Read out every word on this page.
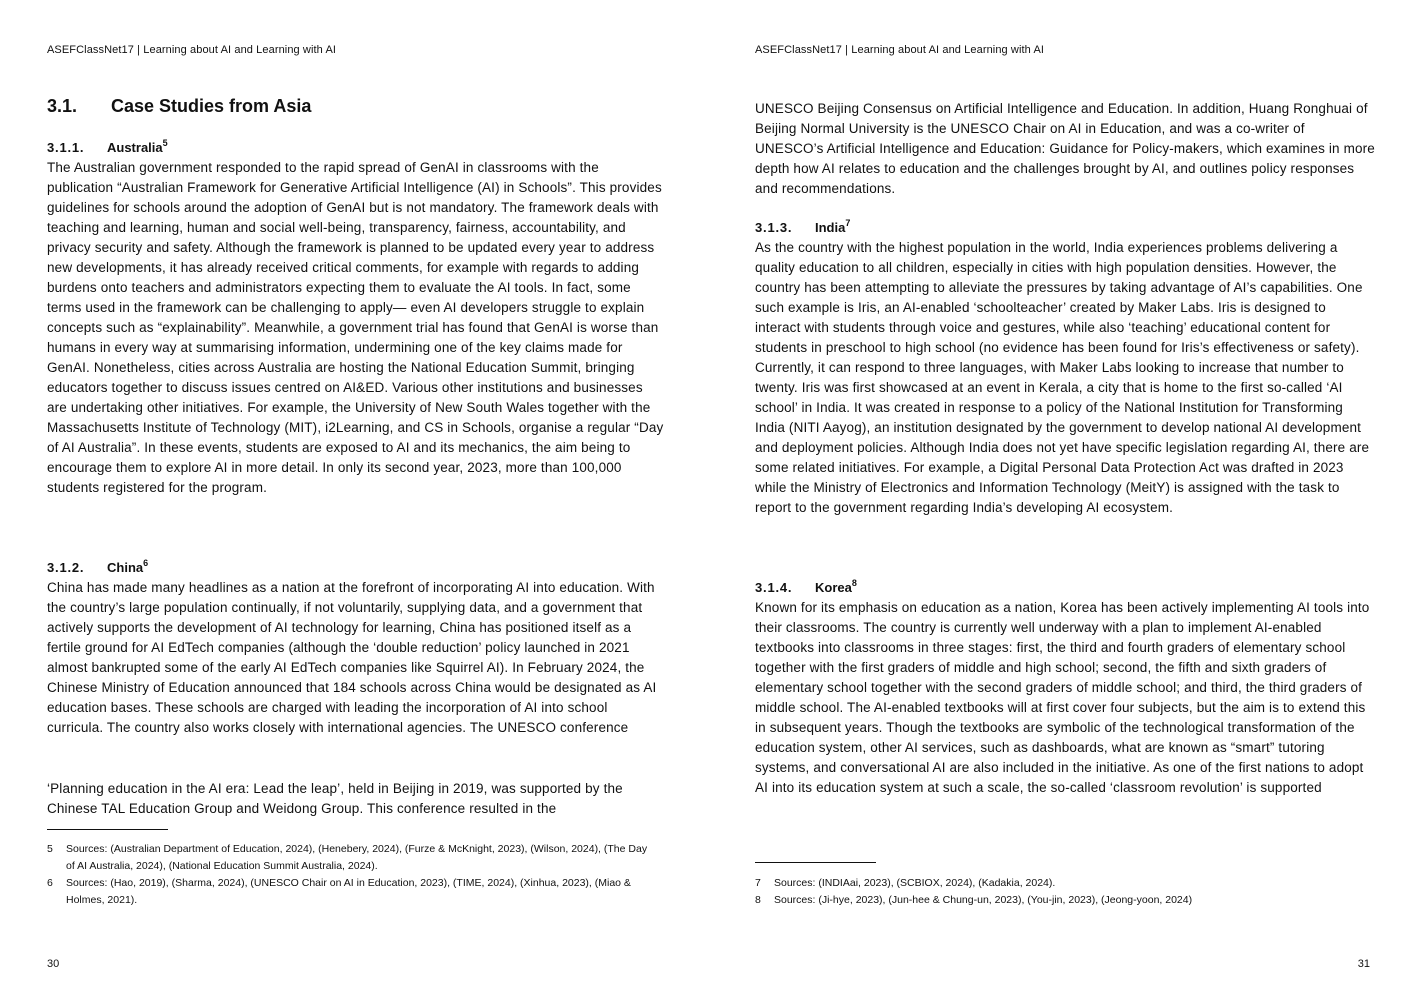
ASEFClassNet17 | Learning about AI and Learning with AI
3.1. Case Studies from Asia
3.1.1. Australia$^5$

The Australian government responded to the rapid spread of GenAI in classrooms with the publication “Australian Framework for Generative Artificial Intelligence (AI) in Schools”. This provides guidelines for schools around the adoption of GenAI but is not mandatory. The framework deals with teaching and learning, human and social well-being, transparency, fairness, accountability, and privacy security and safety. Although the framework is planned to be updated every year to address new developments, it has already received critical comments, for example with regards to adding burdens onto teachers and administrators expecting them to evaluate the AI tools. In fact, some terms used in the framework can be challenging to apply— even AI developers struggle to explain concepts such as “explainability”. Meanwhile, a government trial has found that GenAI is worse than humans in every way at summarising information, undermining one of the key claims made for GenAI. Nonetheless, cities across Australia are hosting the National Education Summit, bringing educators together to discuss issues centred on AI&ED. Various other institutions and businesses are undertaking other initiatives. For example, the University of New South Wales together with the Massachusetts Institute of Technology (MIT), i2Learning, and CS in Schools, organise a regular “Day of AI Australia”. In these events, students are exposed to AI and its mechanics, the aim being to encourage them to explore AI in more detail. In only its second year, 2023, more than 100,000 students registered for the program.

3.1.2. China$^6$

China has made many headlines as a nation at the forefront of incorporating AI into education. With the country’s large population continually, if not voluntarily, supplying data, and a government that actively supports the development of AI technology for learning, China has positioned itself as a fertile ground for AI EdTech companies (although the ‘double reduction’ policy launched in 2021 almost bankrupted some of the early AI EdTech companies like Squirrel AI). In February 2024, the Chinese Ministry of Education announced that 184 schools across China would be designated as AI education bases. These schools are charged with leading the incorporation of AI into school curricula. The country also works closely with international agencies. The UNESCO conference

‘Planning education in the AI era: Lead the leap’, held in Beijing in 2019, was supported by the Chinese TAL Education Group and Weidong Group. This conference resulted in the

5	Sources: (Australian Department of Education, 2024), (Henebery, 2024), (Furze & McKnight, 2023), (Wilson, 2024), (The Day of AI Australia, 2024), (National Education Summit Australia, 2024).
6	Sources: (Hao, 2019), (Sharma, 2024), (UNESCO Chair on AI in Education, 2023), (TIME, 2024), (Xinhua, 2023), (Miao & Holmes, 2021).
30
ASEFClassNet17 | Learning about AI and Learning with AI

UNESCO Beijing Consensus on Artificial Intelligence and Education. In addition, Huang Ronghuai of Beijing Normal University is the UNESCO Chair on AI in Education, and was a co-writer of UNESCO’s Artificial Intelligence and Education: Guidance for Policy-makers, which examines in more depth how AI relates to education and the challenges brought by AI, and outlines policy responses and recommendations.

3.1.3. India$^7$

As the country with the highest population in the world, India experiences problems delivering a quality education to all children, especially in cities with high population densities. However, the country has been attempting to alleviate the pressures by taking advantage of AI’s capabilities. One such example is Iris, an AI-enabled ‘schoolteacher’ created by Maker Labs. Iris is designed to interact with students through voice and gestures, while also ‘teaching’ educational content for students in preschool to high school (no evidence has been found for Iris’s effectiveness or safety). Currently, it can respond to three languages, with Maker Labs looking to increase that number to twenty. Iris was first showcased at an event in Kerala, a city that is home to the first so-called ‘AI school’ in India. It was created in response to a policy of the National Institution for Transforming India (NITI Aayog), an institution designated by the government to develop national AI development and deployment policies. Although India does not yet have specific legislation regarding AI, there are some related initiatives. For example, a Digital Personal Data Protection Act was drafted in 2023 while the Ministry of Electronics and Information Technology (MeitY) is assigned with the task to report to the government regarding India’s developing AI ecosystem.

3.1.4. Korea$^8$

Known for its emphasis on education as a nation, Korea has been actively implementing AI tools into their classrooms. The country is currently well underway with a plan to implement AI-enabled textbooks into classrooms in three stages: first, the third and fourth graders of elementary school together with the first graders of middle and high school; second, the fifth and sixth graders of elementary school together with the second graders of middle school; and third, the third graders of middle school. The AI-enabled textbooks will at first cover four subjects, but the aim is to extend this in subsequent years. Though the textbooks are symbolic of the technological transformation of the education system, other AI services, such as dashboards, what are known as “smart” tutoring systems, and conversational AI are also included in the initiative. As one of the first nations to adopt AI into its education system at such a scale, the so-called ‘classroom revolution’ is supported

7	Sources: (INDIAai, 2023), (SCBIOX, 2024), (Kadakia, 2024).
8	Sources: (Ji-hye, 2023), (Jun-hee & Chung-un, 2023), (You-jin, 2023), (Jeong-yoon, 2024)
31
